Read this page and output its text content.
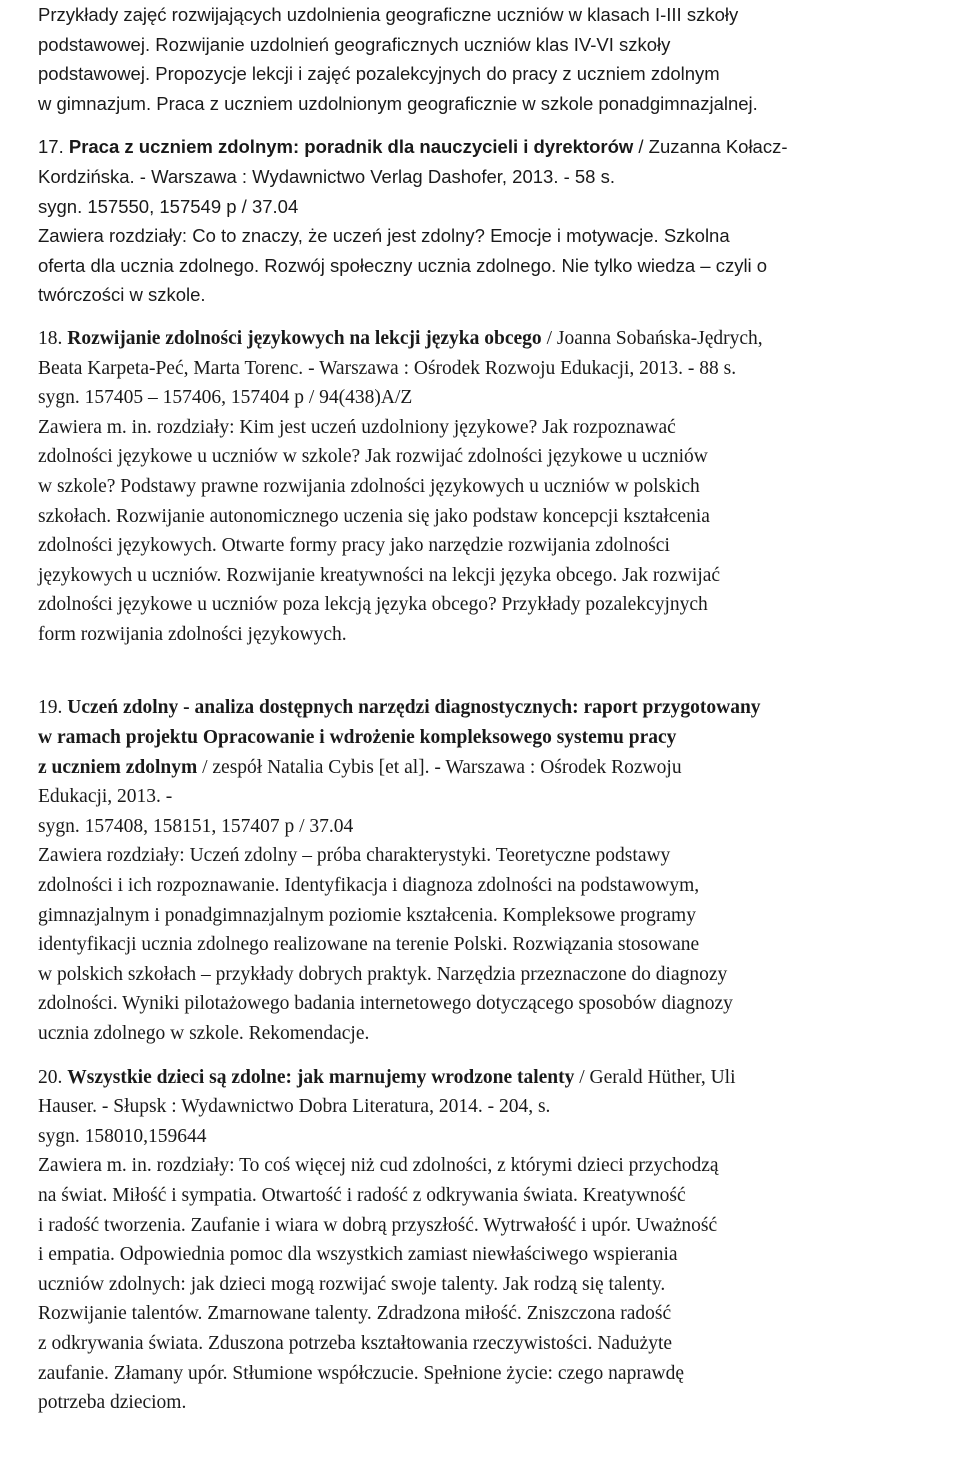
Przykłady zajęć rozwijających uzdolnienia geograficzne uczniów w klasach I-III szkoły
podstawowej. Rozwijanie uzdolnień geograficznych uczniów klas IV-VI szkoły
podstawowej. Propozycje lekcji i zajęć pozalekcyjnych do pracy z uczniem zdolnym
w gimnazjum. Praca z uczniem uzdolnionym geograficznie w szkole ponadgimnazjalnej.
17. Praca z uczniem zdolnym: poradnik dla nauczycieli i dyrektorów / Zuzanna Kołacz-
Kordzińska. - Warszawa : Wydawnictwo Verlag Dashofer, 2013. - 58 s.
sygn. 157550, 157549 p / 37.04
Zawiera rozdziały: Co to znaczy, że uczeń jest zdolny? Emocje i motywacje. Szkolna
oferta dla ucznia zdolnego. Rozwój społeczny ucznia zdolnego. Nie tylko wiedza – czyli o
twórczości w szkole.
18. Rozwijanie zdolności językowych na lekcji języka obcego / Joanna Sobańska-Jędrych,
Beata Karpeta-Peć, Marta Torenc. - Warszawa : Ośrodek Rozwoju Edukacji, 2013. - 88 s.
sygn. 157405 – 157406, 157404 p / 94(438)A/Z
Zawiera m. in. rozdziały: Kim jest uczeń uzdolniony językowe? Jak rozpoznawać
zdolności językowe u uczniów w szkole? Jak rozwijać zdolności językowe u uczniów
w szkole? Podstawy prawne rozwijania zdolności językowych u uczniów w polskich
szkołach. Rozwijanie autonomicznego uczenia się jako podstaw koncepcji kształcenia
zdolności językowych. Otwarte formy pracy jako narzędzie rozwijania zdolności
językowych u uczniów. Rozwijanie kreatywności na lekcji języka obcego. Jak rozwijać
zdolności językowe u uczniów poza lekcją języka obcego? Przykłady pozalekcyjnych
form rozwijania zdolności językowych.
19. Uczeń zdolny - analiza dostępnych narzędzi diagnostycznych: raport przygotowany
w ramach projektu Opracowanie i wdrożenie kompleksowego systemu pracy
z uczniem zdolnym / zespół Natalia Cybis [et al]. - Warszawa : Ośrodek Rozwoju
Edukacji, 2013. -
sygn. 157408, 158151, 157407 p / 37.04
Zawiera rozdziały: Uczeń zdolny – próba charakterystyki. Teoretyczne podstawy
zdolności i ich rozpoznawanie. Identyfikacja i diagnoza zdolności na podstawowym,
gimnazjalnym i ponadgimnazjalnym poziomie kształcenia. Kompleksowe programy
identyfikacji ucznia zdolnego realizowane na terenie Polski. Rozwiązania stosowane
w polskich szkołach – przykłady dobrych praktyk. Narzędzia przeznaczone do diagnozy
zdolności. Wyniki pilotażowego badania internetowego dotyczącego sposobów diagnozy
ucznia zdolnego w szkole. Rekomendacje.
20. Wszystkie dzieci są zdolne: jak marnujemy wrodzone talenty / Gerald Hüther, Uli
Hauser. - Słupsk : Wydawnictwo Dobra Literatura, 2014. - 204, s.
sygn. 158010,159644
Zawiera m. in. rozdziały: To coś więcej niż cud zdolności, z którymi dzieci przychodzą
na świat. Miłość i sympatia. Otwartość i radość z odkrywania świata. Kreatywność
i radość tworzenia. Zaufanie i wiara w dobrą przyszłość. Wytrwałość i upór. Uważność
i empatia. Odpowiednia pomoc dla wszystkich zamiast niewłaściwego wspierania
uczniów zdolnych: jak dzieci mogą rozwijać swoje talenty. Jak rodzą się talenty.
Rozwijanie talentów. Zmarnowane talenty. Zdradzona miłość. Zniszczona radość
z odkrywania świata. Zduszona potrzeba kształtowania rzeczywistości. Nadużyte
zaufanie. Złamany upór. Stłumione współczucie. Spełnione życie: czego naprawdę
potrzeba dzieciom.
